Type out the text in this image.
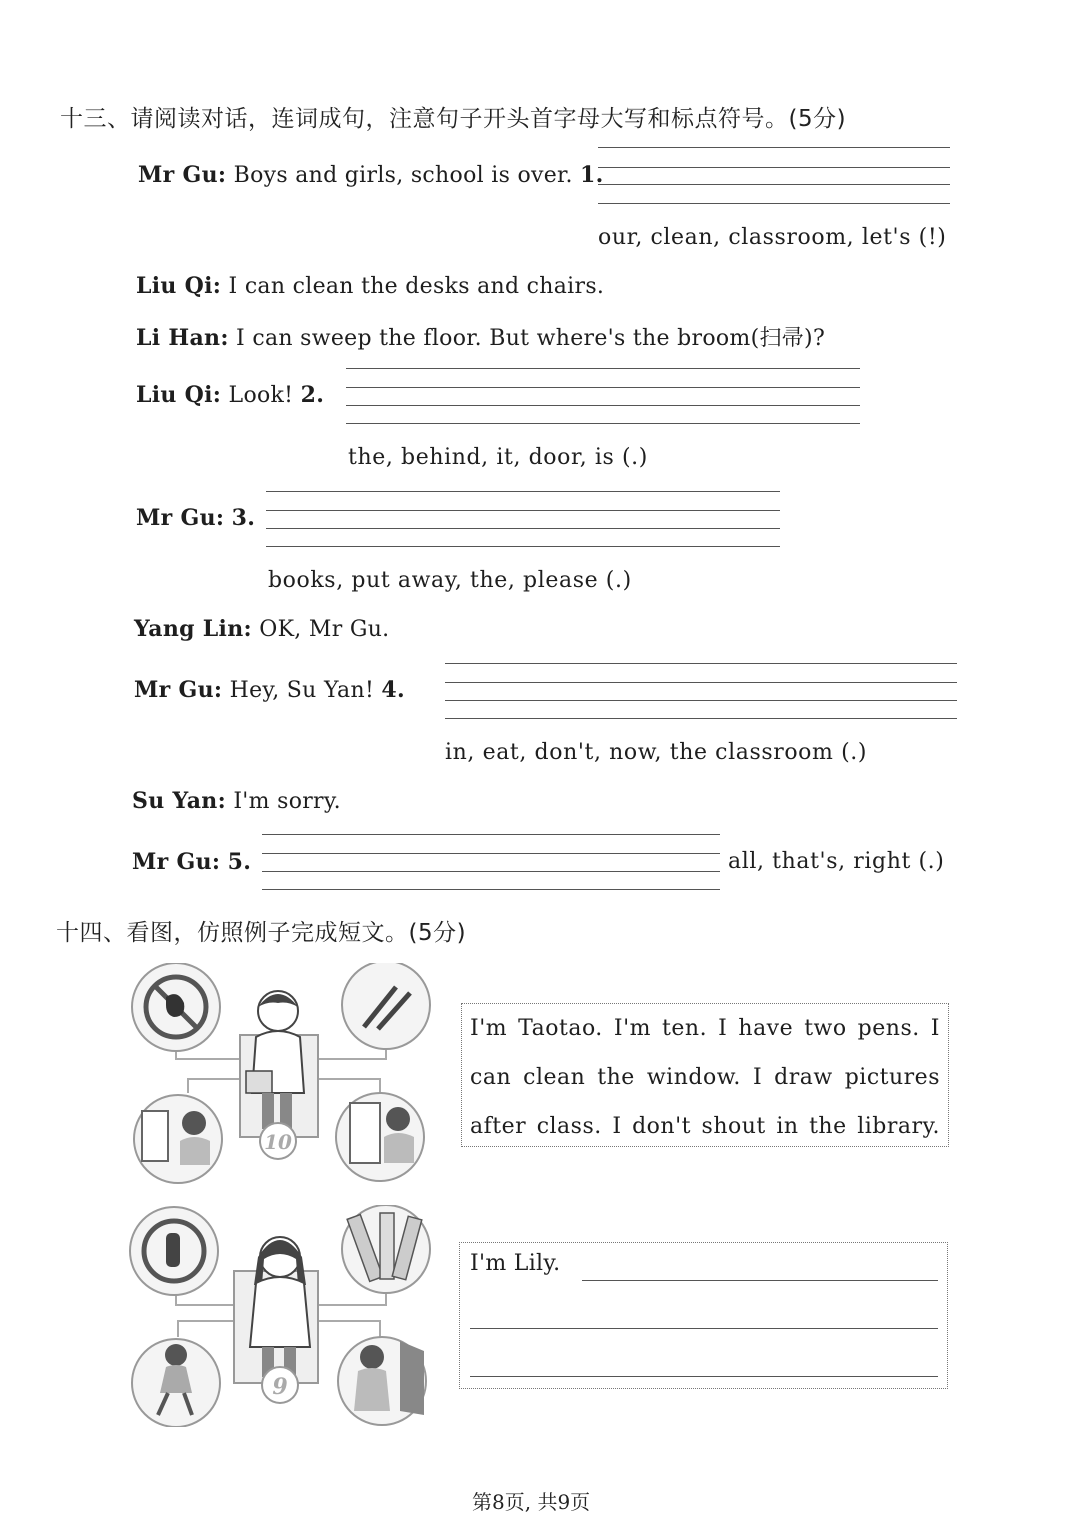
十三、请阅读对话，连词成句，注意句子开头首字母大写和标点符号。(5分)
Mr Gu: Boys and girls, school is over. 1.
our, clean, classroom, let's (!)
Liu Qi: I can clean the desks and chairs.
Li Han: I can sweep the floor. But where's the broom(扫帚)?
Liu Qi: Look! 2.
the, behind, it, door, is (.)
Mr Gu: 3.
books, put away, the, please (.)
Yang Lin: OK, Mr Gu.
Mr Gu: Hey, Su Yan! 4.
in, eat, don't, now, the classroom (.)
Su Yan: I'm sorry.
Mr Gu: 5.	all, that's, right (.)
十四、看图，仿照例子完成短文。(5分)
10
I'm Taotao. I'm ten. I have two pens. I
can clean the window. I draw pictures
after class. I don't shout in the library.
9
I'm Lily.
第8页, 共9页
